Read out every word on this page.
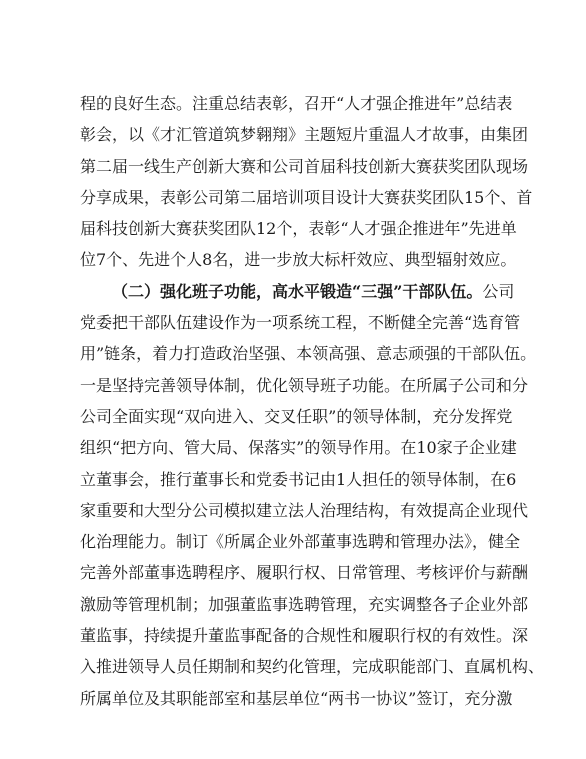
程的良好生态。注重总结表彰，召开“人才强企推进年”总结表
彰会，以《才汇管道筑梦翱翔》主题短片重温人才故事，由集团
第二届一线生产创新大赛和公司首届科技创新大赛获奖团队现场
分享成果，表彰公司第二届培训项目设计大赛获奖团队15个、首
届科技创新大赛获奖团队12个，表彰“人才强企推进年”先进单
位7个、先进个人8名，进一步放大标杆效应、典型辐射效应。
（二）强化班子功能，高水平锻造“三强”干部队伍。公司
党委把干部队伍建设作为一项系统工程，不断健全完善“选育管
用”链条，着力打造政治坚强、本领高强、意志顽强的干部队伍。
一是坚持完善领导体制，优化领导班子功能。在所属子公司和分
公司全面实现“双向进入、交叉任职”的领导体制，充分发挥党
组织“把方向、管大局、保落实”的领导作用。在10家子企业建
立董事会，推行董事长和党委书记由1人担任的领导体制，在6
家重要和大型分公司模拟建立法人治理结构，有效提高企业现代
化治理能力。制订《所属企业外部董事选聘和管理办法》，健全
完善外部董事选聘程序、履职行权、日常管理、考核评价与薪酬
激励等管理机制；加强董监事选聘管理，充实调整各子企业外部
董监事，持续提升董监事配备的合规性和履职行权的有效性。深
入推进领导人员任期制和契约化管理，完成职能部门、直属机构、
所属单位及其职能部室和基层单位“两书一协议”签订，充分激
